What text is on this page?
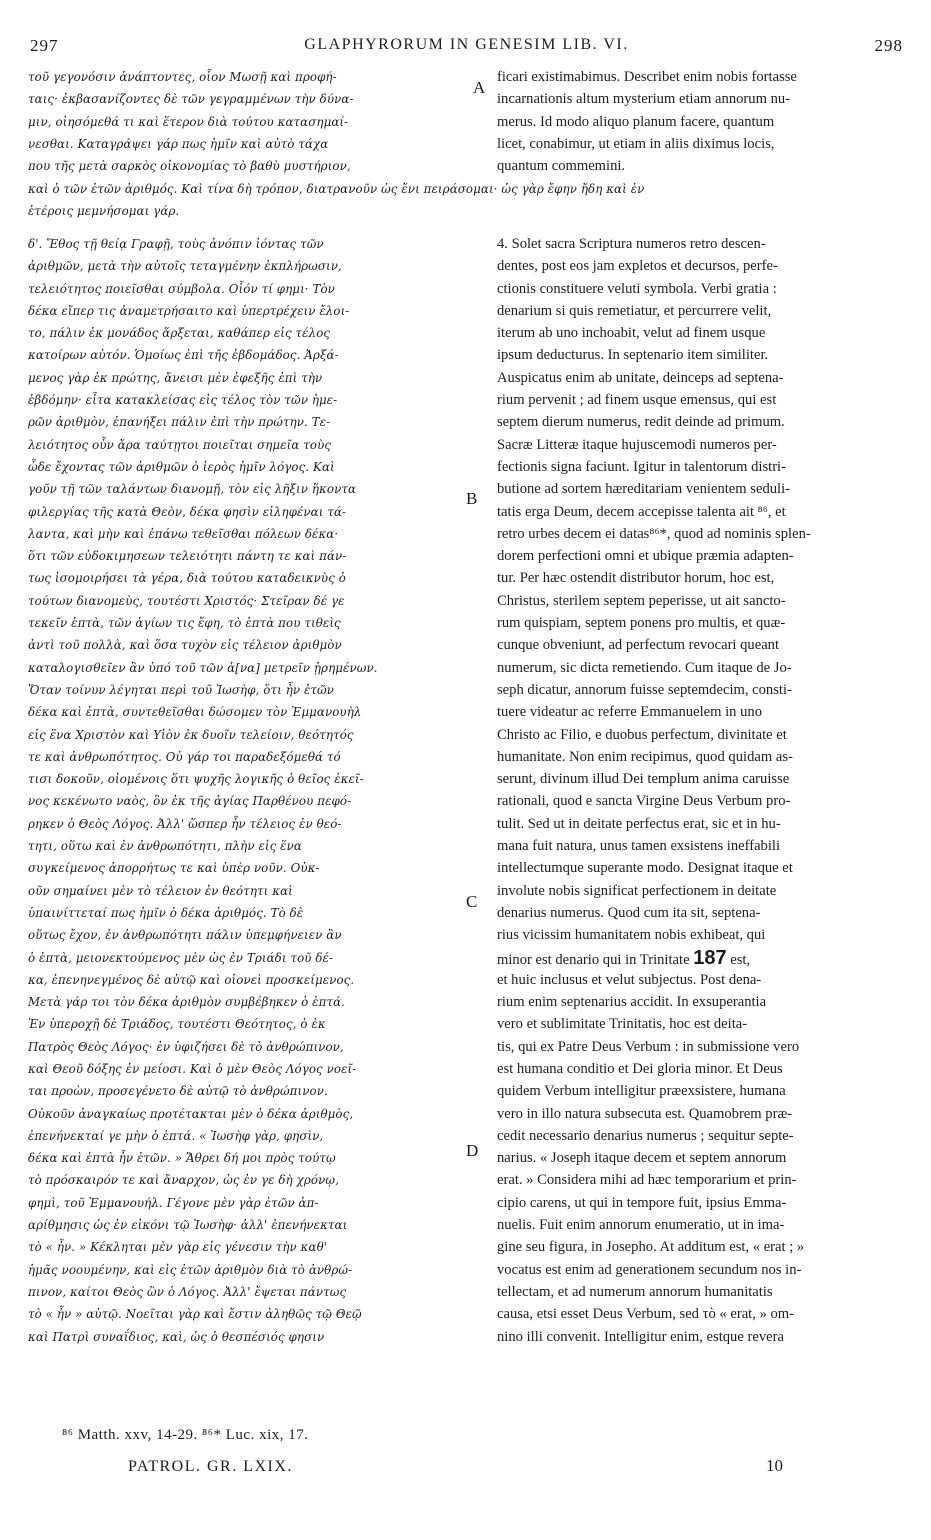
297	GLAPHYRORUM IN GENESIM LIB. VI.	298
τοῦ γεγονόσιν ἀνάπτοντες, οἷον Μωσῇ καὶ προφή-
ταις· ἐκβασανίζοντες δὲ τῶν γεγραμμένων τὴν δύνα-
μιν, οἰησόμεθά τι καὶ ἕτερον διὰ τούτου κατασημαί-
νεσθαι. Καταγράψει γάρ πως ἡμῖν καὶ αὐτὸ τάχα
που τῆς μετὰ σαρκὸς οἰκονομίας τὸ βαθὺ μυστήριον,
καὶ ὁ τῶν ἐτῶν ἀριθμός. Καὶ τίνα δὴ τρόπον, διατρανοῦν ὡς ἔνι πειράσομαι· ὡς γὰρ ἔφην ἤδη καὶ ἐν
ἑτέροις μεμνήσομαι γάρ.
δ'. Ἔθος τῇ θείᾳ Γραφῇ, τοὺς ἀνόπιν ἰόντας τῶν
ἀριθμῶν, μετὰ τὴν αὐτοῖς τεταγμένην ἐκπλήρωσιν,
τελειότητος ποιεῖσθαι σύμβολα. Οἷόν τί φημι· Τὸν
δέκα εἴπερ τις ἀναμετρήσαιτο καὶ ὑπερτρέχειν ἔλοι-
το, πάλιν ἐκ μονάδος ἄρξεται, καθάπερ εἰς τέλος
κατοίρων αὐτόν. Ὁμοίως ἐπὶ τῆς ἑβδομάδος. Ἀρξά-
μενος γὰρ ἐκ πρώτης, ἄνεισι μὲν ἐφεξῆς ἐπὶ τὴν
ἑβδόμην· εἶτα κατακλείσας εἰς τέλος τὸν τῶν ἡμε-
ρῶν ἀριθμὸν, ἐπανήξει πάλιν ἐπὶ τὴν πρώτην. Τε-
λειότητος οὖν ἄρα ταύτῃτοι ποιεῖται σημεῖα τοὺς
ὧδε ἔχοντας τῶν ἀριθμῶν ὁ ἱερὸς ἡμῖν λόγος. Καὶ
γοῦν τῇ τῶν ταλάντων διανομῇ, τὸν εἰς λῆξιν ἥκοντα
φιλεργίας τῆς κατὰ Θεὸν, δέκα φησὶν εἰληφέναι τά-
λαντα, καὶ μὴν καὶ ἐπάνω τεθεῖσθαι πόλεων δέκα·
ὅτι τῶν εὐδοκιμησεων τελειότητι πάντη τε καὶ πάν-
τως ἰσομοιρήσει τὰ γέρα, διὰ τούτου καταδεικνὺς ὁ
τούτων διανομεὺς, τουτέστι Χριστός· Στεῖραν δέ γε
τεκεῖν ἑπτὰ, τῶν ἁγίων τις ἔφη, τὸ ἑπτὰ που τιθεὶς
ἀντὶ τοῦ πολλὰ, καὶ ὅσα τυχὸν εἰς τέλειον ἀριθμὸν
καταλογισθεῖεν ἂν ὑπό τοῦ τῶν ἁ[να] μετρεῖν ᾑρημένων.
Ὅταν τοίνυν λέγηται περὶ τοῦ Ἰωσὴφ, ὅτι ἦν ἐτῶν
δέκα καὶ ἑπτὰ, συντεθεῖσθαι δώσομεν τὸν Ἐμμανουὴλ
εἰς ἕνα Χριστὸν καὶ Υἱὸν ἐκ δυοῖν τελείοιν, θεότητός
τε καὶ ἀνθρωπότητος. Οὐ γάρ τοι παραδεξόμεθά τό
τισι δοκοῦν, οἰομένοις ὅτι ψυχῆς λογικῆς ὁ θεῖος ἐκεῖ-
νος κεκένωτο ναὸς, ὃν ἐκ τῆς ἁγίας Παρθένου πεφό-
ρηκεν ὁ Θεὸς Λόγος. Ἀλλ' ὥσπερ ἦν τέλειος ἐν θεό-
τητι, οὕτω καὶ ἐν ἀνθρωπότητι, πλὴν εἰς ἕνα
συγκείμενος ἀπορρήτως τε καὶ ὑπὲρ νοῦν. Οὐκ-
οῦν σημαίνει μὲν τὸ τέλειον ἐν θεότητι καὶ
ὑπαινίττεταί πως ἡμῖν ὁ δέκα ἀριθμός. Τὸ δὲ
οὕτως ἔχον, ἐν ἀνθρωπότητι πάλιν ὑπεμφήνειεν ἂν
ὁ ἑπτὰ, μειονεκτούμενος μὲν ὡς ἐν Τριάδι τοῦ δέ-
κα, ἐπενηνεγμένος δὲ αὐτῷ καὶ οἱονεὶ προσκείμενος.
Μετὰ γάρ τοι τὸν δέκα ἀριθμὸν συμβέβηκεν ὁ ἑπτά.
Ἐν ὑπεροχῇ δὲ Τριάδος, τουτέστι Θεότητος, ὁ ἐκ
Πατρὸς Θεὸς Λόγος· ἐν ὑφιζήσει δὲ τὸ ἀνθρώπινον,
καὶ Θεοῦ δόξης ἐν μείοσι. Καὶ ὁ μὲν Θεὸς Λόγος νοεῖ-
ται προὼν, προσεγένετο δὲ αὐτῷ τὸ ἀνθρώπινον.
Οὐκοῦν ἀναγκαίως προτέτακται μὲν ὁ δέκα ἀριθμὸς,
ἐπενήνεκταί γε μὴν ὁ ἑπτά. « Ἰωσὴφ γὰρ, φησὶν,
δέκα καὶ ἑπτὰ ἦν ἐτῶν. » Ἄθρει δή μοι πρὸς τούτῳ
τὸ πρόσκαιρόν τε καὶ ἄναρχον, ὡς ἐν γε δὴ χρόνῳ,
φημὶ, τοῦ Ἐμμανουήλ. Γέγονε μὲν γὰρ ἐτῶν ἀπ-
αρίθμησις ὡς ἐν εἰκόνι τῷ Ἰωσὴφ· ἀλλ' ἐπενήνεκται
τὸ « ἦν. » Κέκληται μὲν γὰρ εἰς γένεσιν τὴν καθ'
ἡμᾶς νοουμένην, καὶ εἰς ἐτῶν ἀριθμὸν διὰ τὸ ἀνθρώ-
πινον, καίτοι Θεὸς ὢν ὁ Λόγος. Ἀλλ' ἔψεται πάντως
τὸ « ἦν » αὐτῷ. Νοεῖται γὰρ καὶ ἔστιν ἀληθῶς τῷ Θεῷ
καὶ Πατρὶ συναΐδιος, καὶ, ὡς ὁ θεσπέσιός φησιν
ficari existimabimus. Describet enim nobis fortasse
incarnationis altum mysterium etiam annorum nu-
merus. Id modo aliquo planum facere, quantum
licet, conabimur, ut etiam in aliis diximus locis,
quantum commemini.
4. Solet sacra Scriptura numeros retro descen-
dentes, post eos jam expletos et decursos, perfe-
ctionis constituere veluti symbola. Verbi gratia :
denarium si quis remetiatur, et percurrere velit,
iterum ab uno inchoabit, velut ad finem usque
ipsum deducturus. In septenario item similiter.
Auspicatus enim ab unitate, deinceps ad septena-
rium pervenit ; ad finem usque emensus, qui est
septem dierum numerus, redit deinde ad primum.
Sacræ Litteræ itaque hujuscemodi numeros per-
fectionis signa faciunt. Igitur in talentorum distri-
butione ad sortem hæreditariam venientem seduli-
tatis erga Deum, decem accepisse talenta ait ⁸⁶, et
retro urbes decem ei datas⁸⁶*, quod ad nominis splen-
dorem perfectioni omni et ubique præmia adapten-
tur. Per hæc ostendit distributor horum, hoc est,
Christus, sterilem septem peperisse, ut ait sancto-
rum quispiam, septem ponens pro multis, et quæ-
cunque obveniunt, ad perfectum revocari queant
numerum, sic dicta remetiendo. Cum itaque de Jo-
seph dicatur, annorum fuisse septemdecim, consti-
tuere videatur ac referre Emmanuelem in uno
Christo ac Filio, e duobus perfectum, divinitate et
humanitate. Non enim recipimus, quod quidam as-
serunt, divinum illud Dei templum anima caruisse
rationali, quod e sancta Virgine Deus Verbum pro-
tulit. Sed ut in deitate perfectus erat, sic et in hu-
mana fuit natura, unus tamen exsistens ineffabili
intellectumque superante modo. Designat itaque et
involute nobis significat perfectionem in deitate
denarius numerus. Quod cum ita sit, septena-
rius vicissim humanitatem nobis exhibeat, qui
minor est denario qui in Trinitate 187 est,
et huic inclusus et velut subjectus. Post dena-
rium enim septenarius accidit. In exsuperantia
vero et sublimitate Trinitatis, hoc est deita-
tis, qui ex Patre Deus Verbum : in submissione vero
est humana conditio et Dei gloria minor. Et Deus
quidem Verbum intelligitur præexsistere, humana
vero in illo natura subsecuta est. Quamobrem præ-
cedit necessario denarius numerus ; sequitur septe-
narius. « Joseph itaque decem et septem annorum
erat. » Considera mihi ad hæc temporarium et prin-
cipio carens, ut qui in tempore fuit, ipsius Emma-
nuelis. Fuit enim annorum enumeratio, ut in ima-
gine seu figura, in Josepho. At additum est, « erat ; »
vocatus est enim ad generationem secundum nos in-
tellectam, et ad numerum annorum humanitatis
causa, etsi esset Deus Verbum, sed τὸ « erat, » om-
nino illi convenit. Intelligitur enim, estque revera
A
B
C
D
⁸⁶ Matth. xxv, 14-29. ⁸⁶* Luc. xix, 17.
PATROL. GR. LXIX.	10
